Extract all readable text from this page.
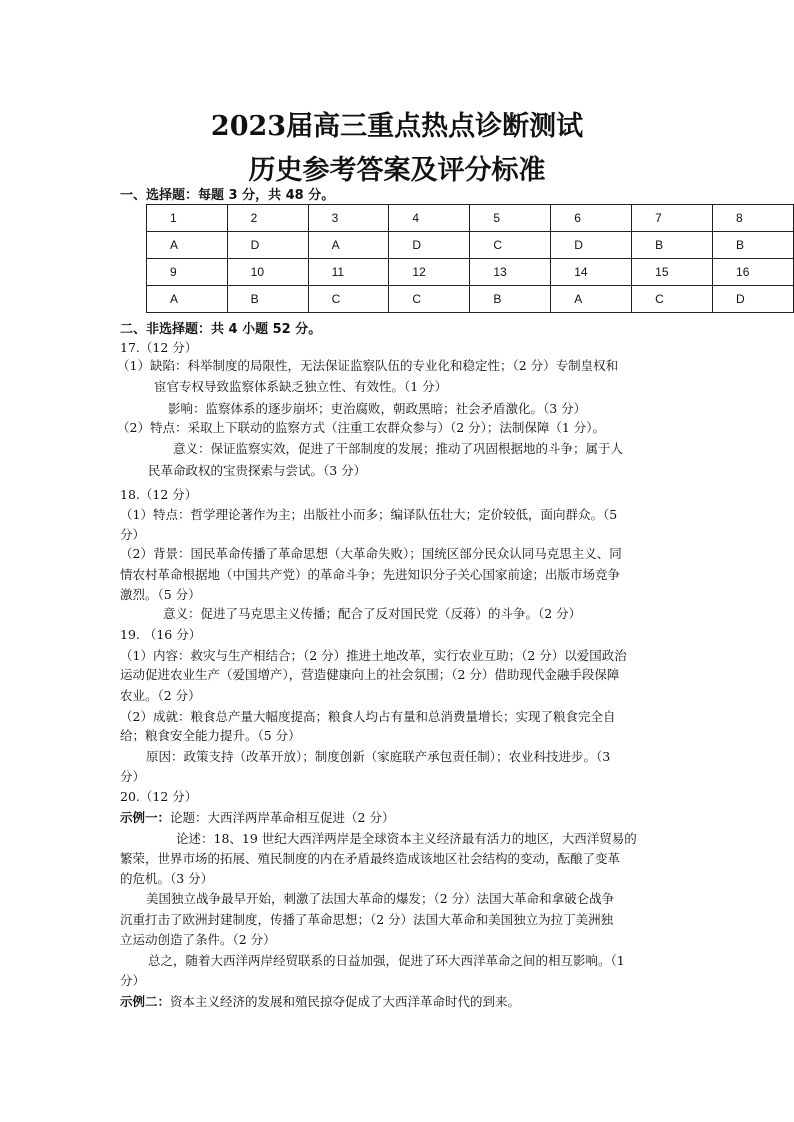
2023届高三重点热点诊断测试
历史参考答案及评分标准
一、选择题：每题 3 分，共 48 分。
1	2	3	4	5	6	7	8
A	D	A	D	C	D	B	B
9	10	11	12	13	14	15	16
A	B	C	C	B	A	C	D
二、非选择题：共 4 小题 52 分。
17.（12 分）
（1）缺陷：科举制度的局限性，无法保证监察队伍的专业化和稳定性；（2 分）专制皇权和
宦官专权导致监察体系缺乏独立性、有效性。（1 分）
影响：监察体系的逐步崩坏；吏治腐败，朝政黑暗；社会矛盾激化。（3 分）
（2）特点：采取上下联动的监察方式（注重工农群众参与）（2 分）；法制保障（1 分）。
意义：保证监察实效，促进了干部制度的发展；推动了巩固根据地的斗争；属于人
民革命政权的宝贵探索与尝试。（3 分）
18.（12 分）
（1）特点：哲学理论著作为主；出版社小而多；编译队伍壮大；定价较低，面向群众。（5
分）
（2）背景：国民革命传播了革命思想（大革命失败）；国统区部分民众认同马克思主义、同
情农村革命根据地（中国共产党）的革命斗争；先进知识分子关心国家前途；出版市场竞争
激烈。（5 分）
意义：促进了马克思主义传播；配合了反对国民党（反蒋）的斗争。（2 分）
19. （16 分）
（1）内容：救灾与生产相结合；（2 分）推进土地改革，实行农业互助；（2 分）以爱国政治
运动促进农业生产（爱国增产），营造健康向上的社会氛围；（2 分）借助现代金融手段保障
农业。（2 分）
（2）成就：粮食总产量大幅度提高；粮食人均占有量和总消费量增长；实现了粮食完全自
给；粮食安全能力提升。（5 分）
原因：政策支持（改革开放）；制度创新（家庭联产承包责任制）；农业科技进步。（3
分）
20.（12 分）
示例一：论题：大西洋两岸革命相互促进（2 分）
论述：18、19 世纪大西洋两岸是全球资本主义经济最有活力的地区，大西洋贸易的
繁荣，世界市场的拓展、殖民制度的内在矛盾最终造成该地区社会结构的变动，酝酿了变革
的危机。（3 分）
美国独立战争最早开始，刺激了法国大革命的爆发；（2 分）法国大革命和拿破仑战争
沉重打击了欧洲封建制度，传播了革命思想；（2 分）法国大革命和美国独立为拉丁美洲独
立运动创造了条件。（2 分）
总之，随着大西洋两岸经贸联系的日益加强，促进了环大西洋革命之间的相互影响。（1
分）
示例二：资本主义经济的发展和殖民掠夺促成了大西洋革命时代的到来。
